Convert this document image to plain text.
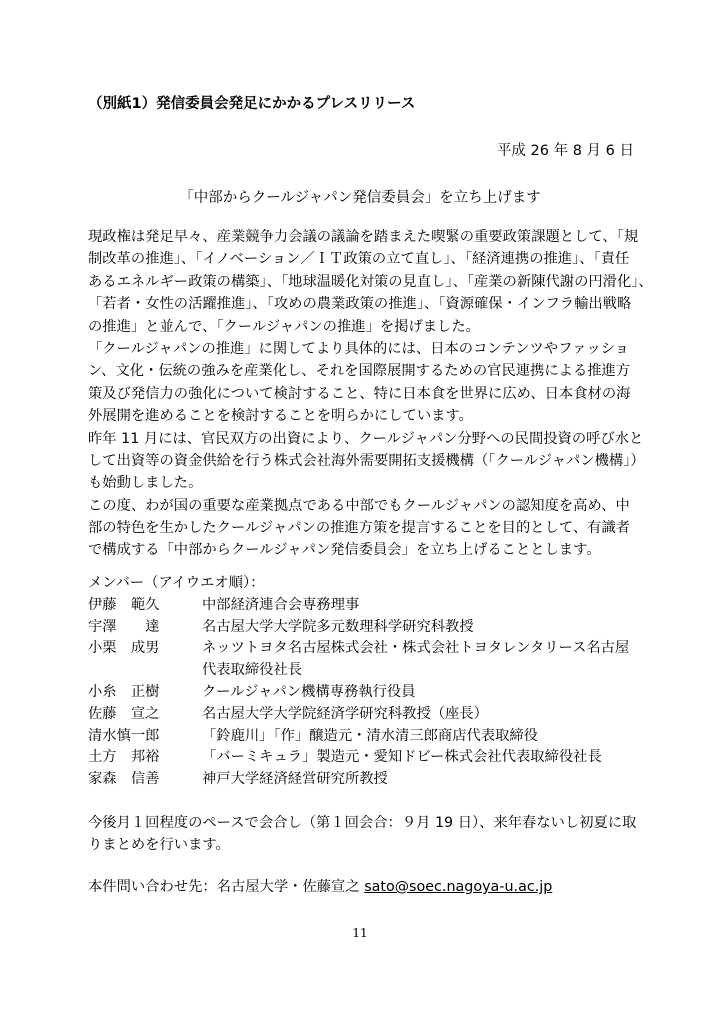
（別紙1）発信委員会発足にかかるプレスリリース
平成 26 年 8 月 6 日
「中部からクールジャパン発信委員会」を立ち上げます
現政権は発足早々、産業競争力会議の議論を踏まえた喫緊の重要政策課題として、「規
制改革の推進」、「イノベーション／ＩＴ政策の立て直し」、「経済連携の推進」、「責任
あるエネルギー政策の構築」、「地球温暖化対策の見直し」、「産業の新陳代謝の円滑化」、
「若者・女性の活躍推進」、「攻めの農業政策の推進」、「資源確保・インフラ輸出戦略
の推進」と並んで、「クールジャパンの推進」を掲げました。
「クールジャパンの推進」に関してより具体的には、日本のコンテンツやファッショ
ン、文化・伝統の強みを産業化し、それを国際展開するための官民連携による推進方
策及び発信力の強化について検討すること、特に日本食を世界に広め、日本食材の海
外展開を進めることを検討することを明らかにしています。
昨年 11 月には、官民双方の出資により、クールジャパン分野への民間投資の呼び水と
して出資等の資金供給を行う株式会社海外需要開拓支援機構（「クールジャパン機構」）
も始動しました。
この度、わが国の重要な産業拠点である中部でもクールジャパンの認知度を高め、中
部の特色を生かしたクールジャパンの推進方策を提言することを目的として、有識者
で構成する「中部からクールジャパン発信委員会」を立ち上げることとします。
メンバー（アイウエオ順）：
伊藤　範久	中部経済連合会専務理事
宇澤　　達	名古屋大学大学院多元数理科学研究科教授
小栗　成男	ネッツトヨタ名古屋株式会社・株式会社トヨタレンタリース名古屋
代表取締役社長
小糸　正樹	クールジャパン機構専務執行役員
佐藤　宣之	名古屋大学大学院経済学研究科教授（座長）
清水慎一郎	「鈴鹿川」「作」醸造元・清水清三郎商店代表取締役
土方　邦裕	「バーミキュラ」製造元・愛知ドビー株式会社代表取締役社長
家森　信善	神戸大学経済経営研究所教授
今後月１回程度のペースで会合し（第１回会合：９月 19 日）、来年春ないし初夏に取
りまとめを行います。
本件問い合わせ先：名古屋大学・佐藤宣之 sato@soec.nagoya-u.ac.jp
11
